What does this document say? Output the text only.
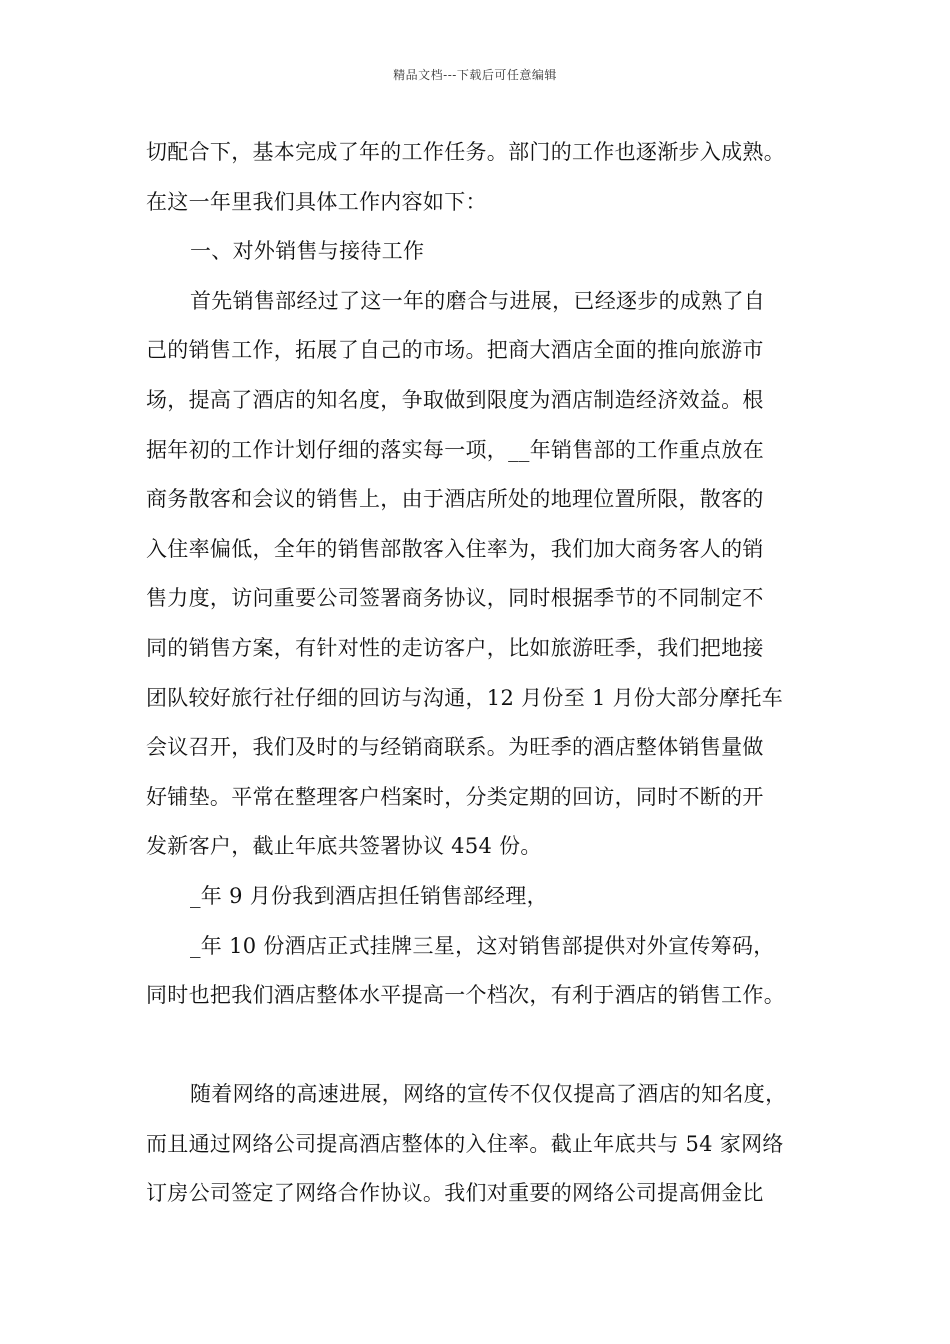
精品文档---下载后可任意编辑
切配合下，基本完成了年的工作任务。部门的工作也逐渐步入成熟。
在这一年里我们具体工作内容如下：
一、对外销售与接待工作
首先销售部经过了这一年的磨合与进展，已经逐步的成熟了自
己的销售工作，拓展了自己的市场。把商大酒店全面的推向旅游市
场，提高了酒店的知名度，争取做到限度为酒店制造经济效益。根
据年初的工作计划仔细的落实每一项，__年销售部的工作重点放在
商务散客和会议的销售上，由于酒店所处的地理位置所限，散客的
入住率偏低，全年的销售部散客入住率为，我们加大商务客人的销
售力度，访问重要公司签署商务协议，同时根据季节的不同制定不
同的销售方案，有针对性的走访客户，比如旅游旺季，我们把地接
团队较好旅行社仔细的回访与沟通，12 月份至 1 月份大部分摩托车
会议召开，我们及时的与经销商联系。为旺季的酒店整体销售量做
好铺垫。平常在整理客户档案时，分类定期的回访，同时不断的开
发新客户，截止年底共签署协议 454 份。
_年 9 月份我到酒店担任销售部经理，
_年 10 份酒店正式挂牌三星，这对销售部提供对外宣传筹码，
同时也把我们酒店整体水平提高一个档次，有利于酒店的销售工作。
随着网络的高速进展，网络的宣传不仅仅提高了酒店的知名度，
而且通过网络公司提高酒店整体的入住率。截止年底共与 54 家网络
订房公司签定了网络合作协议。我们对重要的网络公司提高佣金比
